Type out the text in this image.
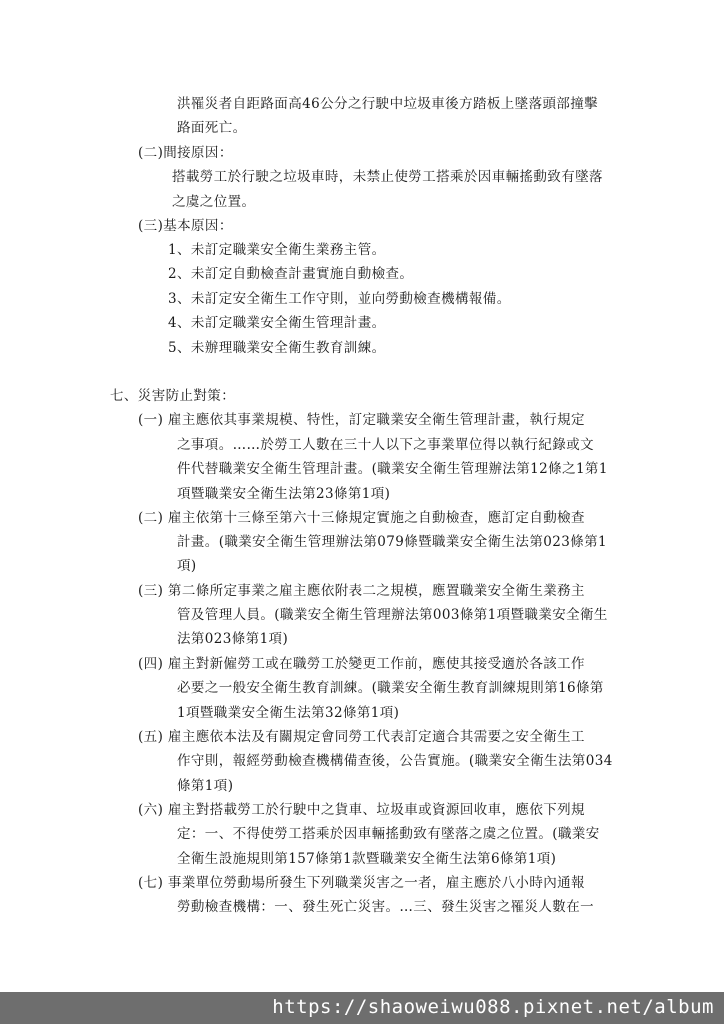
洪罹災者自距路面高46公分之行駛中垃圾車後方踏板上墜落頭部撞擊
路面死亡。
(二)間接原因：
搭載勞工於行駛之垃圾車時，未禁止使勞工搭乘於因車輛搖動致有墜落
之虞之位置。
(三)基本原因：
1、未訂定職業安全衛生業務主管。
2、未訂定自動檢查計畫實施自動檢查。
3、未訂定安全衛生工作守則，並向勞動檢查機構報備。
4、未訂定職業安全衛生管理計畫。
5、未辦理職業安全衛生教育訓練。
七、災害防止對策：
(一) 雇主應依其事業規模、特性，訂定職業安全衛生管理計畫，執行規定
之事項。……於勞工人數在三十人以下之事業單位得以執行紀錄或文
件代替職業安全衛生管理計畫。(職業安全衛生管理辦法第12條之1第1
項暨職業安全衛生法第23條第1項)
(二) 雇主依第十三條至第六十三條規定實施之自動檢查，應訂定自動檢查
計畫。(職業安全衛生管理辦法第079條暨職業安全衛生法第023條第1
項)
(三) 第二條所定事業之雇主應依附表二之規模，應置職業安全衛生業務主
管及管理人員。(職業安全衛生管理辦法第003條第1項暨職業安全衛生
法第023條第1項)
(四) 雇主對新僱勞工或在職勞工於變更工作前，應使其接受適於各該工作
必要之一般安全衛生教育訓練。(職業安全衛生教育訓練規則第16條第
1項暨職業安全衛生法第32條第1項)
(五) 雇主應依本法及有關規定會同勞工代表訂定適合其需要之安全衛生工
作守則，報經勞動檢查機構備查後，公告實施。(職業安全衛生法第034
條第1項)
(六) 雇主對搭載勞工於行駛中之貨車、垃圾車或資源回收車，應依下列規
定：一、不得使勞工搭乘於因車輛搖動致有墜落之虞之位置。(職業安
全衛生設施規則第157條第1款暨職業安全衛生法第6條第1項)
(七) 事業單位勞動場所發生下列職業災害之一者，雇主應於八小時內通報
勞動檢查機構：一、發生死亡災害。…三、發生災害之罹災人數在一
https://shaoweiwu088.pixnet.net/album
